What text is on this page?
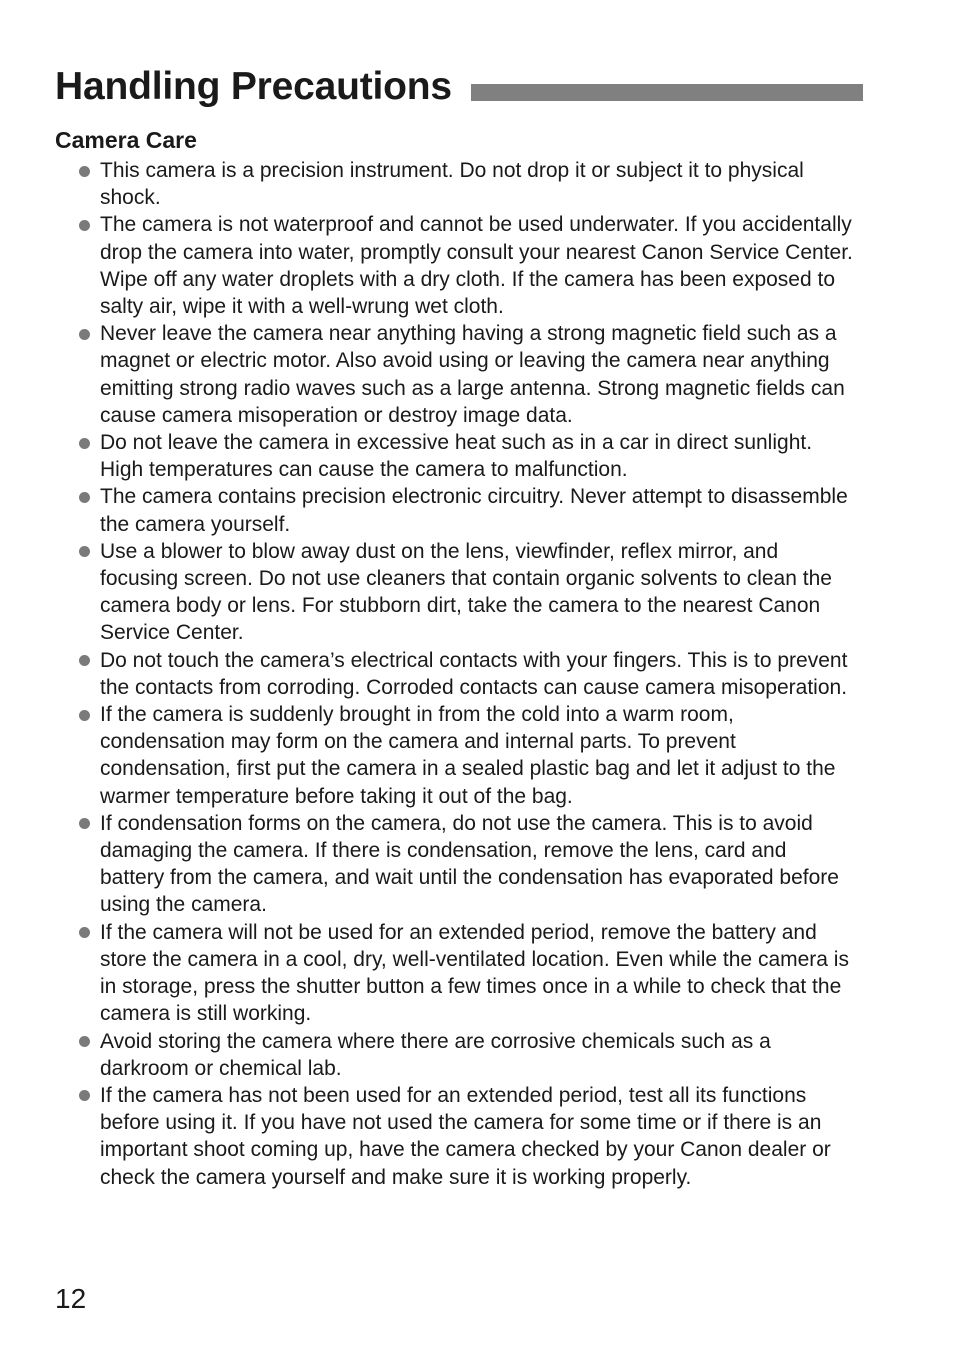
Handling Precautions
Camera Care
This camera is a precision instrument. Do not drop it or subject it to physical shock.
The camera is not waterproof and cannot be used underwater. If you accidentally drop the camera into water, promptly consult your nearest Canon Service Center. Wipe off any water droplets with a dry cloth. If the camera has been exposed to salty air, wipe it with a well-wrung wet cloth.
Never leave the camera near anything having a strong magnetic field such as a magnet or electric motor. Also avoid using or leaving the camera near anything emitting strong radio waves such as a large antenna. Strong magnetic fields can cause camera misoperation or destroy image data.
Do not leave the camera in excessive heat such as in a car in direct sunlight. High temperatures can cause the camera to malfunction.
The camera contains precision electronic circuitry. Never attempt to disassemble the camera yourself.
Use a blower to blow away dust on the lens, viewfinder, reflex mirror, and focusing screen. Do not use cleaners that contain organic solvents to clean the camera body or lens. For stubborn dirt, take the camera to the nearest Canon Service Center.
Do not touch the camera’s electrical contacts with your fingers. This is to prevent the contacts from corroding. Corroded contacts can cause camera misoperation.
If the camera is suddenly brought in from the cold into a warm room, condensation may form on the camera and internal parts. To prevent condensation, first put the camera in a sealed plastic bag and let it adjust to the warmer temperature before taking it out of the bag.
If condensation forms on the camera, do not use the camera. This is to avoid damaging the camera. If there is condensation, remove the lens, card and battery from the camera, and wait until the condensation has evaporated before using the camera.
If the camera will not be used for an extended period, remove the battery and store the camera in a cool, dry, well-ventilated location. Even while the camera is in storage, press the shutter button a few times once in a while to check that the camera is still working.
Avoid storing the camera where there are corrosive chemicals such as a darkroom or chemical lab.
If the camera has not been used for an extended period, test all its functions before using it. If you have not used the camera for some time or if there is an important shoot coming up, have the camera checked by your Canon dealer or check the camera yourself and make sure it is working properly.
12
